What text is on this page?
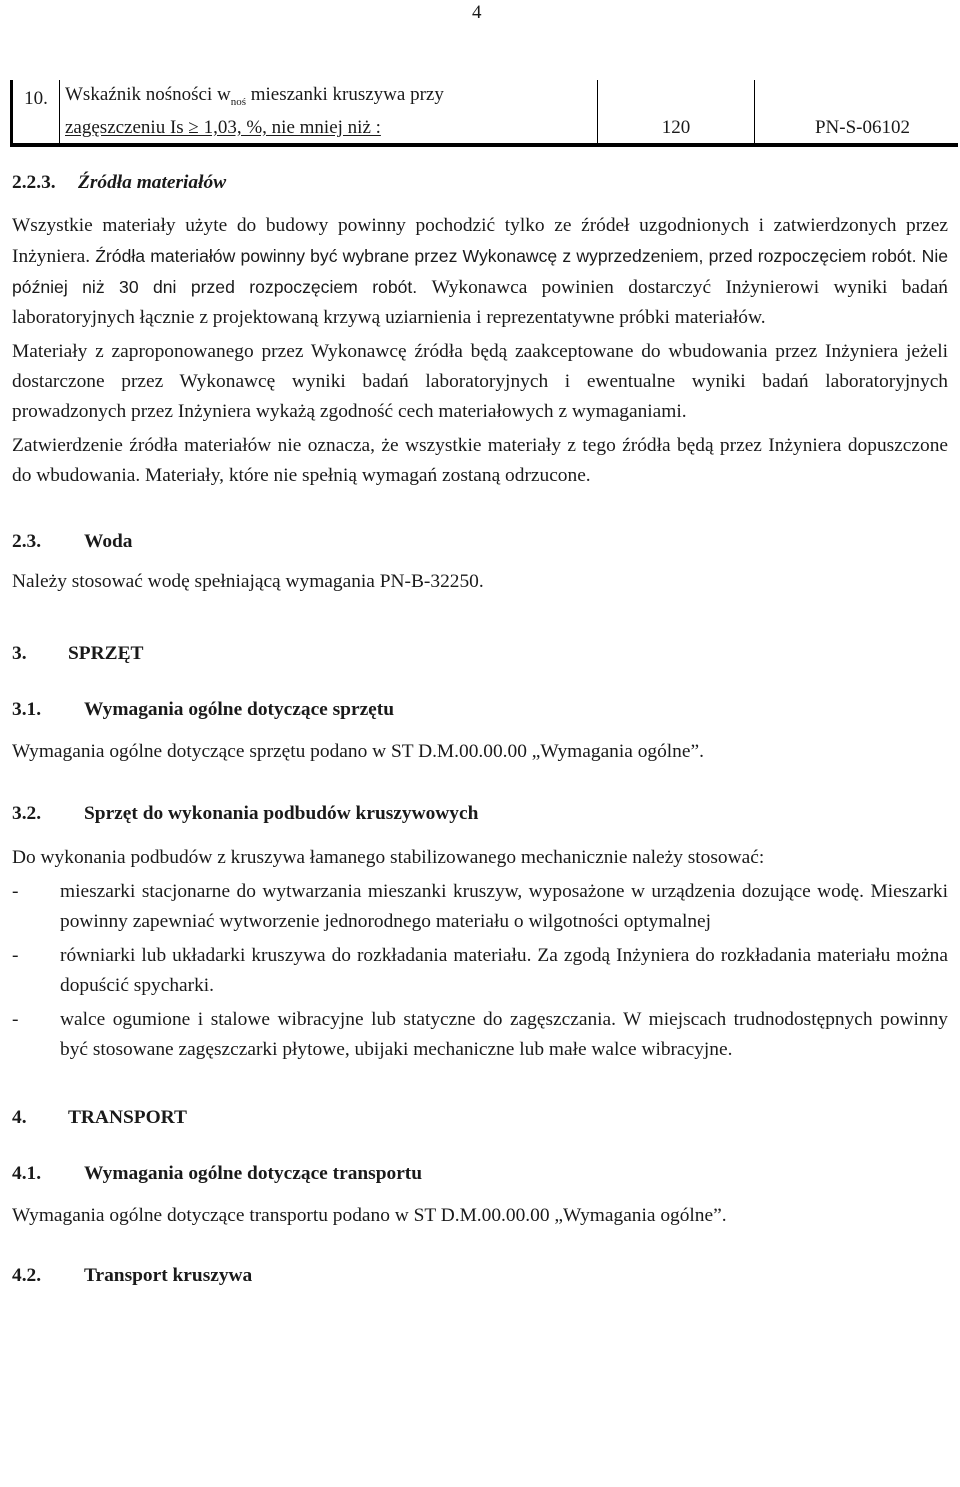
4
10.	Wskaźnik nośności $w_{noś}$ mieszanki kruszywa przy
zagęszczeniu Is ≥ 1,03, %, nie mniej niż :	120	PN-S-06102
2.2.3.	Źródła materiałów

Wszystkie materiały użyte do budowy powinny pochodzić tylko ze źródeł uzgodnionych i zatwierdzonych przez Inżyniera. Źródła materiałów powinny być wybrane przez Wykonawcę z wyprzedzeniem, przed rozpoczęciem robót. Nie później niż 30 dni przed rozpoczęciem robót. Wykonawca powinien dostarczyć Inżynierowi wyniki badań laboratoryjnych łącznie z projektowaną krzywą uziarnienia i reprezentatywne próbki materiałów.

Materiały z zaproponowanego przez Wykonawcę źródła będą zaakceptowane do wbudowania przez Inżyniera jeżeli dostarczone przez Wykonawcę wyniki badań laboratoryjnych i ewentualne wyniki badań laboratoryjnych prowadzonych przez Inżyniera wykażą zgodność cech materiałowych z wymaganiami.

Zatwierdzenie źródła materiałów nie oznacza, że wszystkie materiały z tego źródła będą przez Inżyniera dopuszczone do wbudowania. Materiały, które nie spełnią wymagań zostaną odrzucone.

2.3.	Woda

Należy stosować wodę spełniającą wymagania PN-B-32250.

3.	SPRZĘT
3.1.	Wymagania ogólne dotyczące sprzętu

Wymagania ogólne dotyczące sprzętu podano w ST D.M.00.00.00 „Wymagania ogólne”.

3.2.	Sprzęt do wykonania podbudów kruszywowych

Do wykonania podbudów z kruszywa łamanego stabilizowanego mechanicznie należy stosować:

-	mieszarki stacjonarne do wytwarzania mieszanki kruszyw, wyposażone w urządzenia dozujące wodę. Mieszarki powinny zapewniać wytworzenie jednorodnego materiału o wilgotności optymalnej
-	równiarki lub układarki kruszywa do rozkładania materiału. Za zgodą Inżyniera do rozkładania materiału można dopuścić spycharki.
-	walce ogumione i stalowe wibracyjne lub statyczne do zagęszczania. W miejscach trudnodostępnych powinny być stosowane zagęszczarki płytowe, ubijaki mechaniczne lub małe walce wibracyjne.
4.	TRANSPORT
4.1.	Wymagania ogólne dotyczące transportu

Wymagania ogólne dotyczące transportu podano w ST D.M.00.00.00 „Wymagania ogólne”.

4.2.	Transport kruszywa
